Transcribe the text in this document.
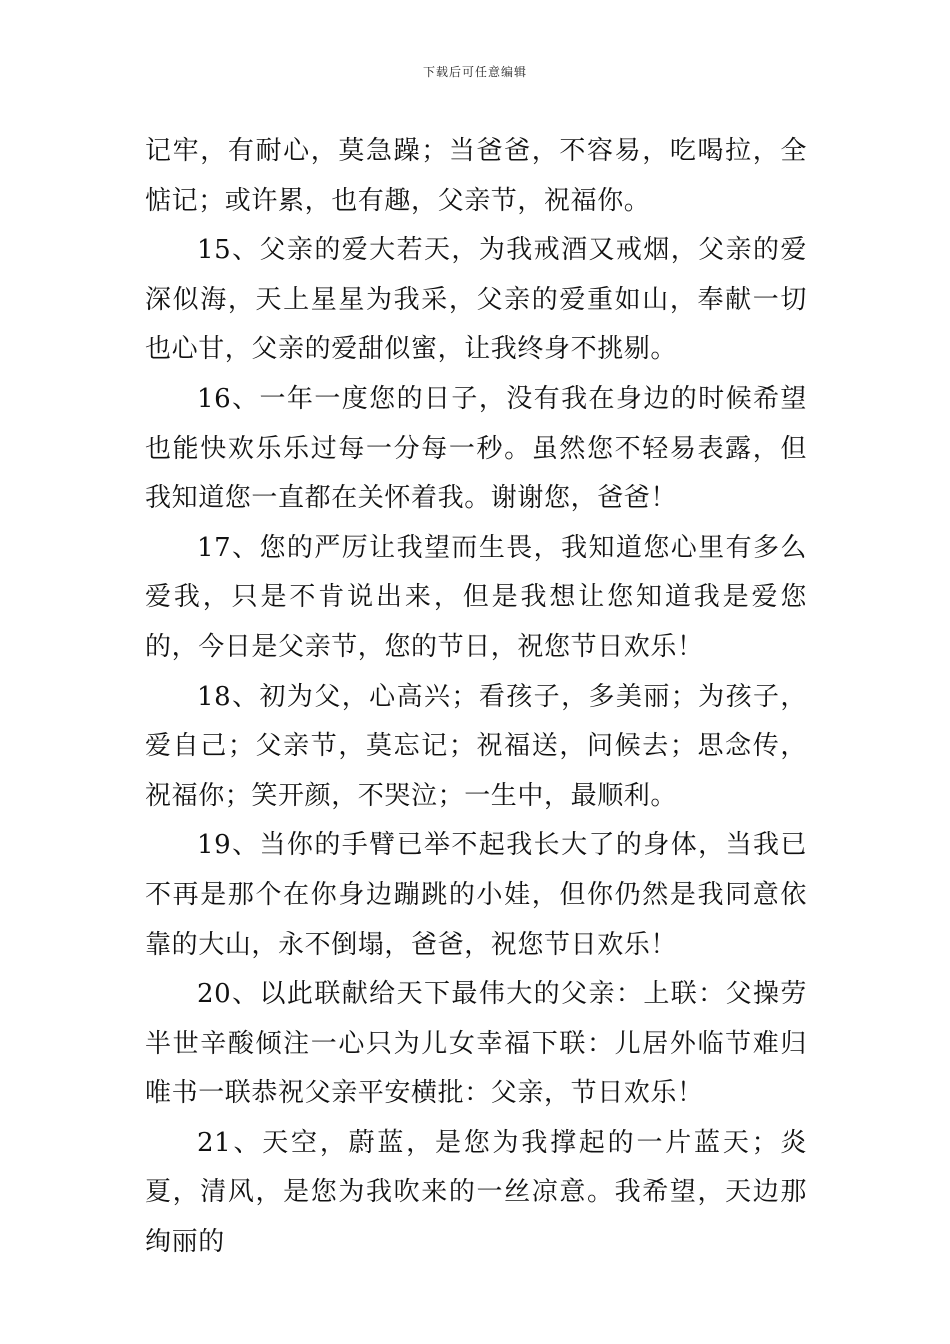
下载后可任意编辑

记牢，有耐心，莫急躁；当爸爸，不容易，吃喝拉，全惦记；或许累，也有趣，父亲节，祝福你。

15、父亲的爱大若天，为我戒酒又戒烟，父亲的爱深似海，天上星星为我采，父亲的爱重如山，奉献一切也心甘，父亲的爱甜似蜜，让我终身不挑剔。

16、一年一度您的日子，没有我在身边的时候希望也能快欢乐乐过每一分每一秒。虽然您不轻易表露，但我知道您一直都在关怀着我。谢谢您，爸爸！

17、您的严厉让我望而生畏，我知道您心里有多么爱我，只是不肯说出来，但是我想让您知道我是爱您的，今日是父亲节，您的节日，祝您节日欢乐！

18、初为父，心高兴；看孩子，多美丽；为孩子，爱自己；父亲节，莫忘记；祝福送，问候去；思念传，祝福你；笑开颜，不哭泣；一生中，最顺利。

19、当你的手臂已举不起我长大了的身体，当我已不再是那个在你身边蹦跳的小娃，但你仍然是我同意依靠的大山，永不倒塌，爸爸，祝您节日欢乐！

20、以此联献给天下最伟大的父亲：上联：父操劳半世辛酸倾注一心只为儿女幸福下联：儿居外临节难归唯书一联恭祝父亲平安横批：父亲，节日欢乐！

21、天空，蔚蓝，是您为我撑起的一片蓝天；炎夏，清风，是您为我吹来的一丝凉意。我希望，天边那绚丽的
